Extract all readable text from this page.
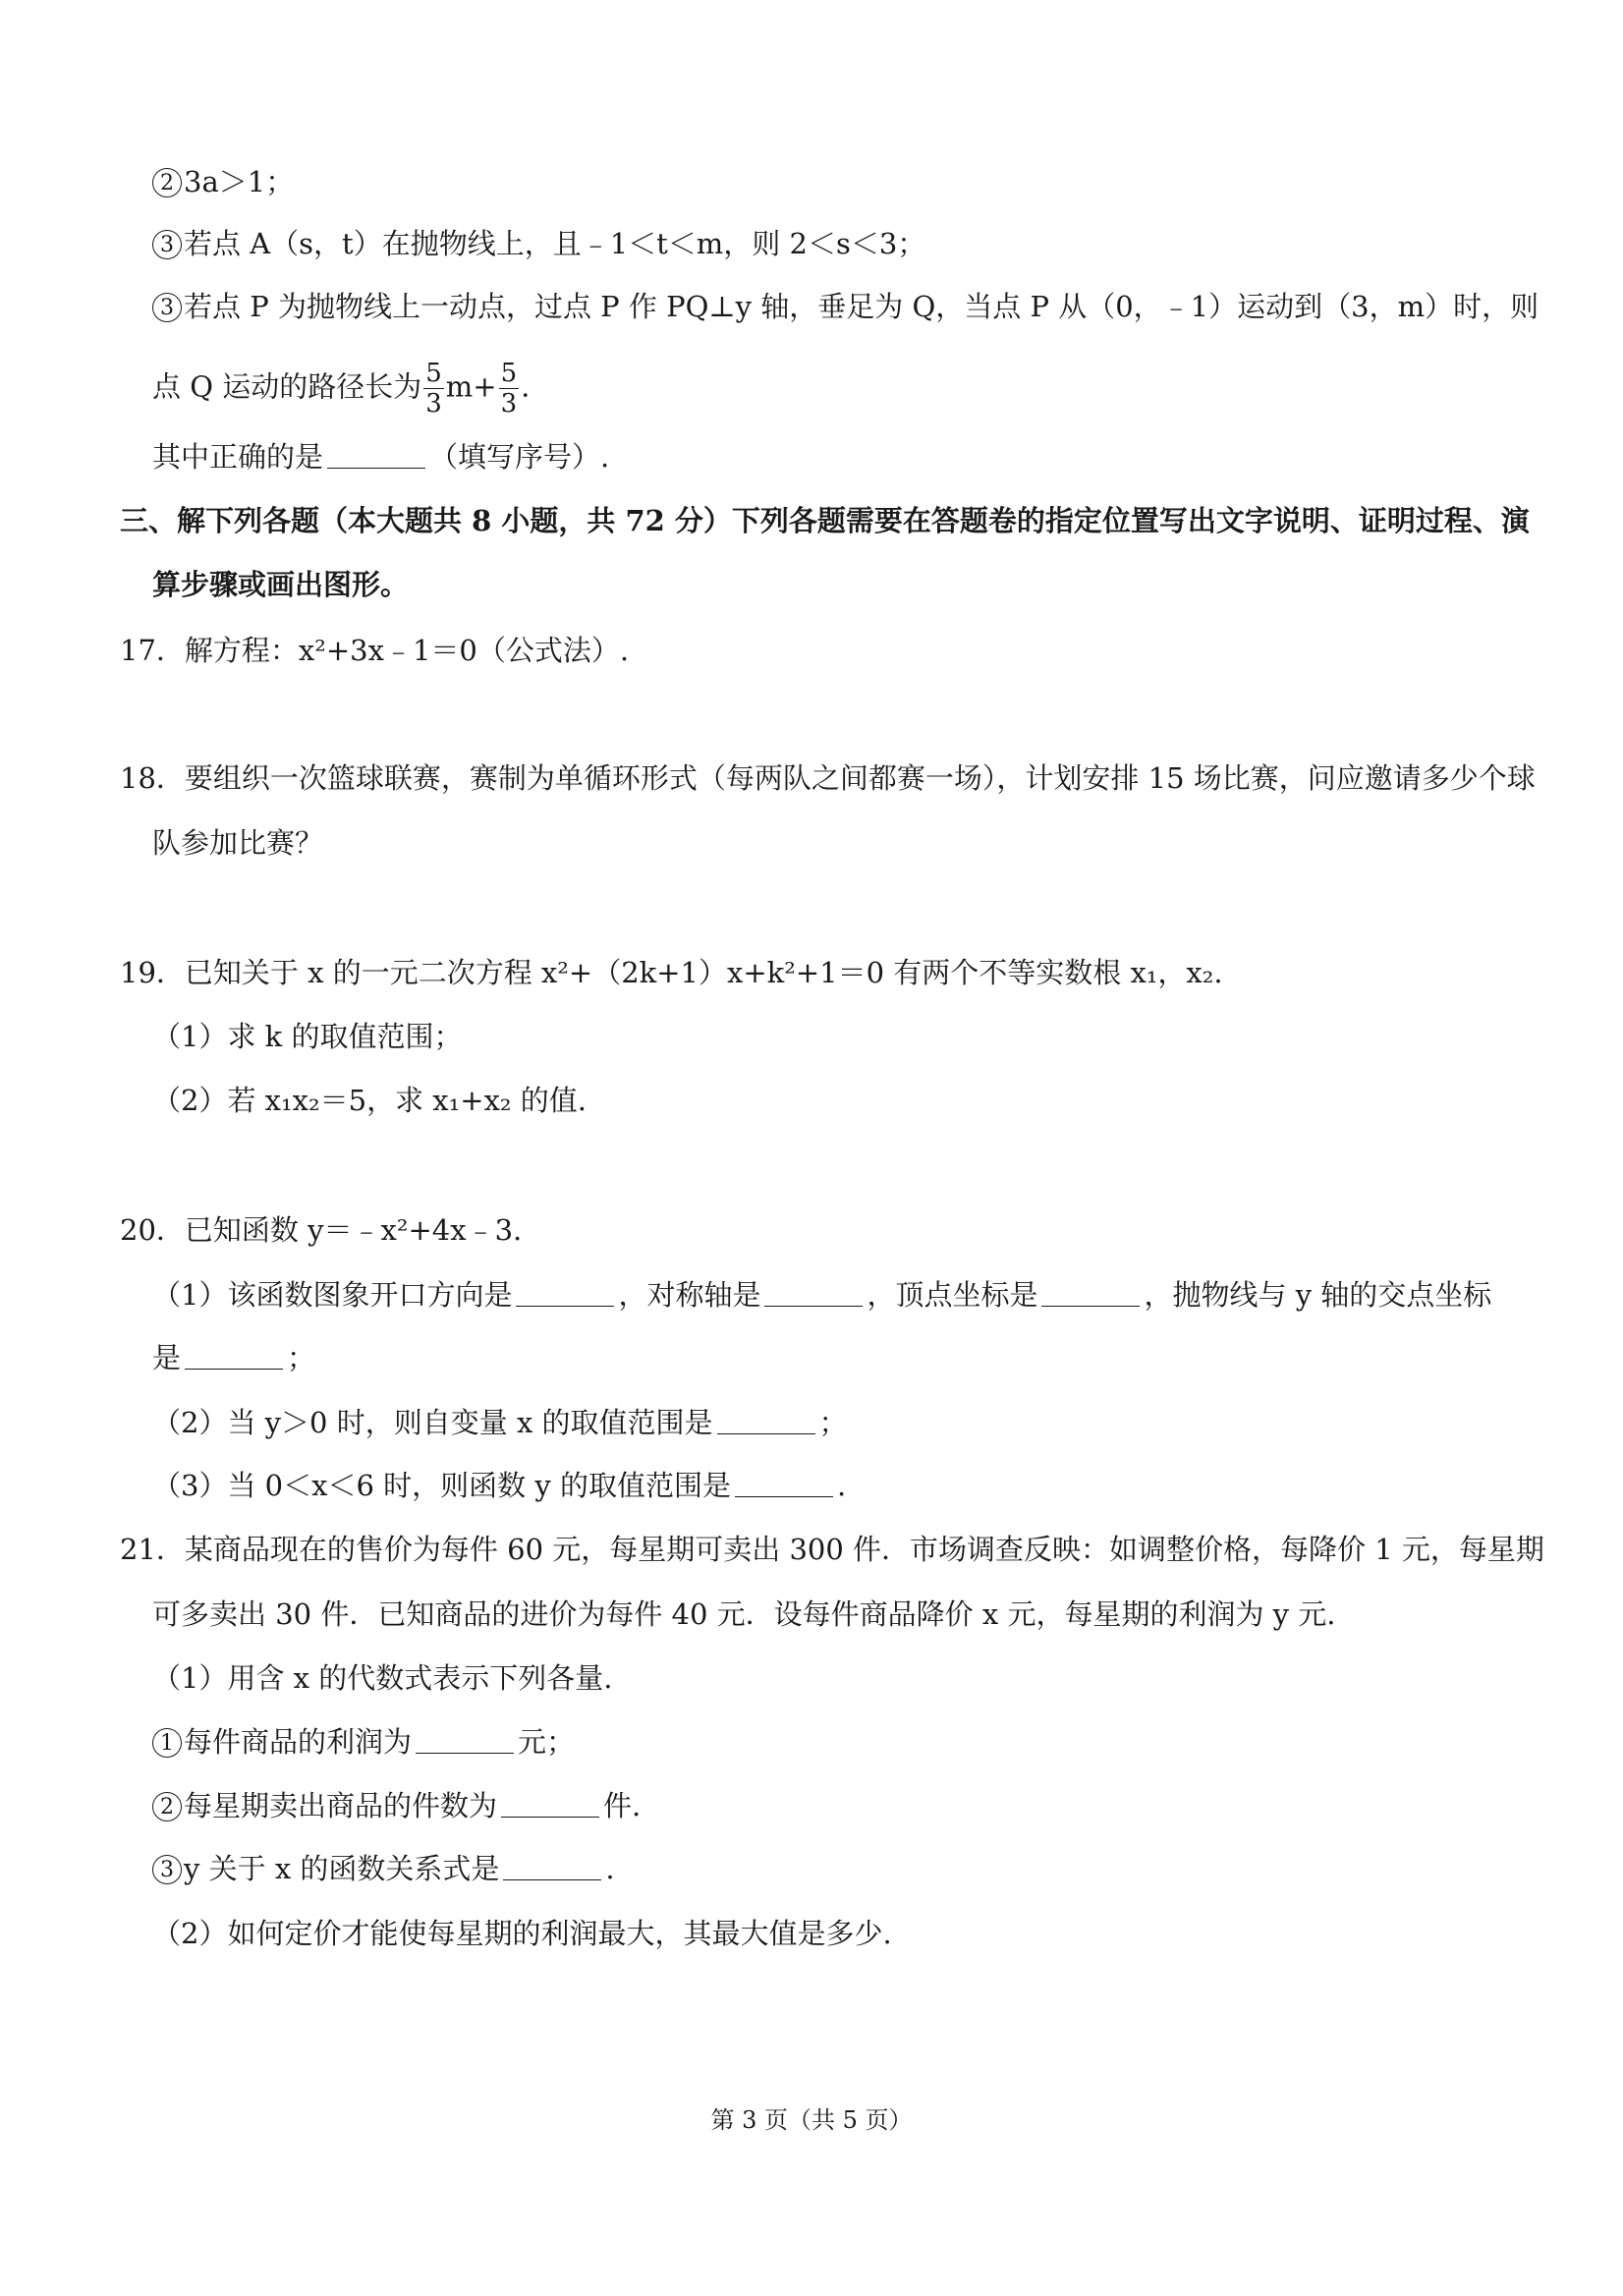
2 3a＞1；
3 若点 A（s，t）在抛物线上，且﹣1＜t＜m，则 2＜s＜3；
3 若点 P 为抛物线上一动点，过点 P 作 PQ⊥y 轴，垂足为 Q，当点 P 从（0，﹣1）运动到（3，m）时，则
点 Q 运动的路径长为 $\frac{5}{3} m+ \frac{5}{3}$ .
其中正确的是	（填写序号）.
三、解下列各题（本大题共 8 小题，共 72 分）下列各题需要在答题卷的指定位置写出文字说明、证明过程、演
算步骤或画出图形。
17．解方程：x²+3x﹣1＝0（公式法）.
18．要组织一次篮球联赛，赛制为单循环形式（每两队之间都赛一场），计划安排 15 场比赛，问应邀请多少个球
队参加比赛？
19．已知关于 x 的一元二次方程 x²+（2k+1）x+k²+1＝0 有两个不等实数根 x₁，x₂.
（1）求 k 的取值范围；
（2）若 x₁x₂＝5，求 x₁+x₂ 的值.
20．已知函数 y＝﹣x²+4x﹣3.
（1）该函数图象开口方向是	，对称轴是	，顶点坐标是	，抛物线与 y 轴的交点坐标
是	；
（2）当 y＞0 时，则自变量 x 的取值范围是	；
（3）当 0＜x＜6 时，则函数 y 的取值范围是	.
21．某商品现在的售价为每件 60 元，每星期可卖出 300 件．市场调查反映：如调整价格，每降价 1 元，每星期
可多卖出 30 件．已知商品的进价为每件 40 元．设每件商品降价 x 元，每星期的利润为 y 元.
（1）用含 x 的代数式表示下列各量.
1 每件商品的利润为	元；
2 每星期卖出商品的件数为	件.
3 y 关于 x 的函数关系式是	.
（2）如何定价才能使每星期的利润最大，其最大值是多少.
第 3 页（共 5 页）
